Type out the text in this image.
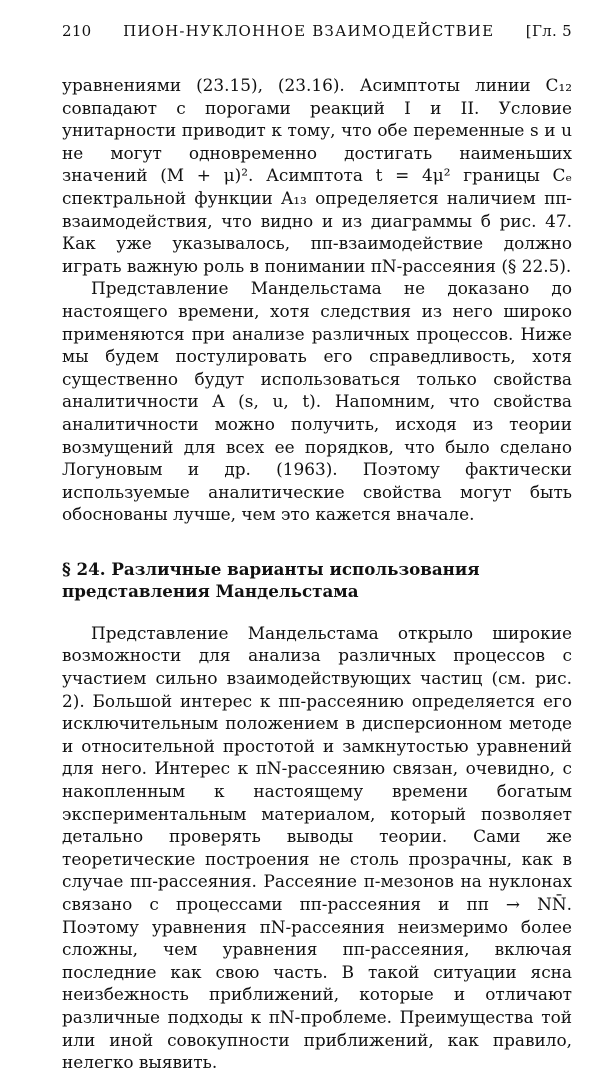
210 ПИОН-НУКЛОННОЕ ВЗАИМОДЕЙСТВИЕ [Гл. 5

уравнениями (23.15), (23.16). Асимптоты линии C₁₂ совпадают с порогами реакций I и II. Условие унитарности приводит к тому, что обе переменные s и u не могут одновременно достигать наименьших значений (M + μ)². Асимптота t = 4μ² границы Cₑ спектральной функции A₁₃ определяется наличием ππ-взаимодействия, что видно и из диаграммы б рис. 47. Как уже указывалось, ππ-взаимодействие должно играть важную роль в понимании πN-рассеяния (§ 22.5).

Представление Мандельстама не доказано до настоящего времени, хотя следствия из него широко применяются при анализе различных процессов. Ниже мы будем постулировать его справедливость, хотя существенно будут использоваться только свойства аналитичности A (s, u, t). Напомним, что свойства аналитичности можно получить, исходя из теории возмущений для всех ее порядков, что было сделано Логуновым и др. (1963). Поэтому фактически используемые аналитические свойства могут быть обоснованы лучше, чем это кажется вначале.

§ 24. Различные варианты использования представления Мандельстама

Представление Мандельстама открыло широкие возможности для анализа различных процессов с участием сильно взаимодействующих частиц (см. рис. 2). Большой интерес к ππ-рассеянию определяется его исключительным положением в дисперсионном методе и относительной простотой и замкнутостью уравнений для него. Интерес к πN-рассеянию связан, очевидно, с накопленным к настоящему времени богатым экспериментальным материалом, который позволяет детально проверять выводы теории. Сами же теоретические построения не столь прозрачны, как в случае ππ-рассеяния. Рассеяние π-мезонов на нуклонах связано с процессами ππ-рассеяния и ππ → NN̄. Поэтому уравнения πN-рассеяния неизмеримо более сложны, чем уравнения ππ-рассеяния, включая последние как свою часть. В такой ситуации ясна неизбежность приближений, которые и отличают различные подходы к πN-проблеме. Преимущества той или иной совокупности приближений, как правило, нелегко выявить.
